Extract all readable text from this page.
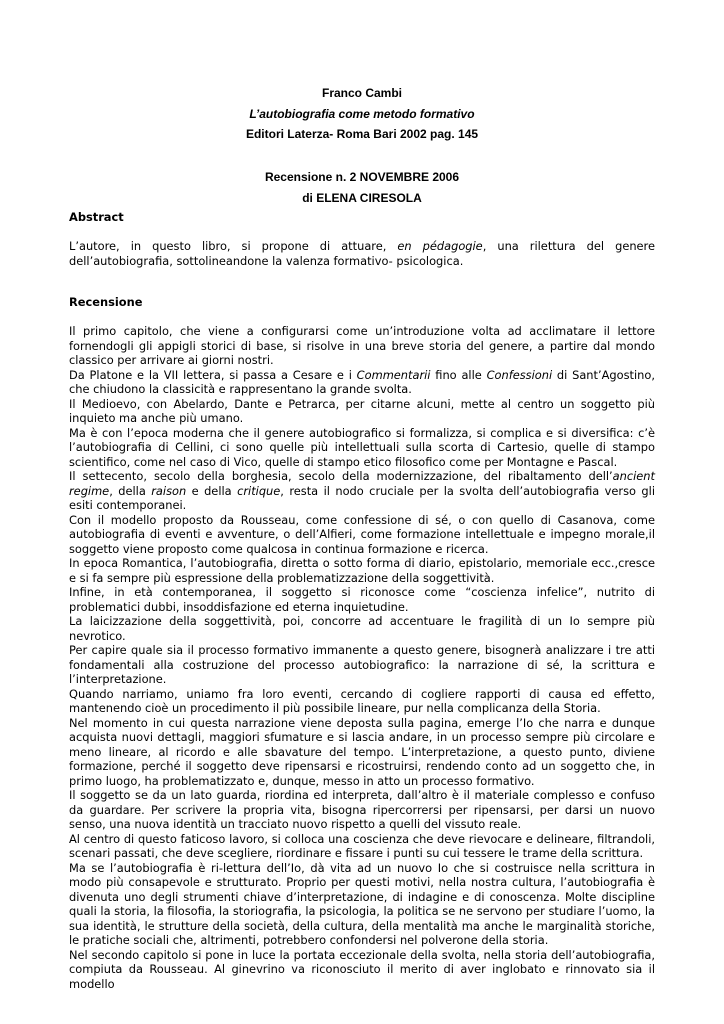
Franco Cambi
L’autobiografia come metodo formativo
Editori Laterza- Roma Bari 2002 pag. 145
Recensione n. 2 NOVEMBRE 2006
di ELENA CIRESOLA
Abstract

L’autore, in questo libro, si propone di attuare, en pédagogie, una rilettura del genere dell’autobiografia, sottolineandone la valenza formativo- psicologica.

Recensione

Il primo capitolo, che viene a configurarsi come un’introduzione volta ad acclimatare il lettore fornendogli gli appigli storici di base, si risolve in una breve storia del genere, a partire dal mondo classico per arrivare ai giorni nostri.

Da Platone e la VII lettera, si passa a Cesare e i Commentarii fino alle Confessioni di Sant’Agostino, che chiudono la classicità e rappresentano la grande svolta.

Il Medioevo, con Abelardo, Dante e Petrarca, per citarne alcuni, mette al centro un soggetto più inquieto ma anche più umano.

Ma è con l’epoca moderna che il genere autobiografico si formalizza, si complica e si diversifica: c’è l’autobiografia di Cellini, ci sono quelle più intellettuali sulla scorta di Cartesio, quelle di stampo scientifico, come nel caso di Vico, quelle di stampo etico filosofico come per Montagne e Pascal.

Il settecento, secolo della borghesia, secolo della modernizzazione, del ribaltamento dell’ancient regime, della raison e della critique, resta il nodo cruciale per la svolta dell’autobiografia verso gli esiti contemporanei.

Con il modello proposto da Rousseau, come confessione di sé, o con quello di Casanova, come autobiografia di eventi e avventure, o dell’Alfieri, come formazione intellettuale e impegno morale,il soggetto viene proposto come qualcosa in continua formazione e ricerca.

In epoca Romantica, l’autobiografia, diretta o sotto forma di diario, epistolario, memoriale ecc.,cresce e si fa sempre più espressione della problematizzazione della soggettività.

Infine, in età contemporanea, il soggetto si riconosce come “coscienza infelice”, nutrito di problematici dubbi, insoddisfazione ed eterna inquietudine.

La laicizzazione della soggettività, poi, concorre ad accentuare le fragilità di un Io sempre più nevrotico.

Per capire quale sia il processo formativo immanente a questo genere, bisognerà analizzare i tre atti fondamentali alla costruzione del processo autobiografico: la narrazione di sé, la scrittura e l’interpretazione.

Quando narriamo, uniamo fra loro eventi, cercando di cogliere rapporti di causa ed effetto, mantenendo cioè un procedimento il più possibile lineare, pur nella complicanza della Storia.

Nel momento in cui questa narrazione viene deposta sulla pagina, emerge l’Io che narra e dunque acquista nuovi dettagli, maggiori sfumature e si lascia andare, in un processo sempre più circolare e meno lineare, al ricordo e alle sbavature del tempo. L’interpretazione, a questo punto, diviene formazione, perché il soggetto deve ripensarsi e ricostruirsi, rendendo conto ad un soggetto che, in primo luogo, ha problematizzato e, dunque, messo in atto un processo formativo.

Il soggetto se da un lato guarda, riordina ed interpreta, dall’altro è il materiale complesso e confuso da guardare. Per scrivere la propria vita, bisogna ripercorrersi per ripensarsi, per darsi un nuovo senso, una nuova identità un tracciato nuovo rispetto a quelli del vissuto reale.

Al centro di questo faticoso lavoro, si colloca una coscienza che deve rievocare e delineare, filtrandoli, scenari passati, che deve scegliere, riordinare e fissare i punti su cui tessere le trame della scrittura.

Ma se l’autobiografia è ri-lettura dell’Io, dà vita ad un nuovo Io che si costruisce nella scrittura in modo più consapevole e strutturato. Proprio per questi motivi, nella nostra cultura, l’autobiografia è divenuta uno degli strumenti chiave d’interpretazione, di indagine e di conoscenza. Molte discipline quali la storia, la filosofia, la storiografia, la psicologia, la politica se ne servono per studiare l’uomo, la sua identità, le strutture della società, della cultura, della mentalità ma anche le marginalità storiche, le pratiche sociali che, altrimenti, potrebbero confondersi nel polverone della storia.

Nel secondo capitolo si pone in luce la portata eccezionale della svolta, nella storia dell’autobiografia, compiuta da Rousseau. Al ginevrino va riconosciuto il merito di aver inglobato e rinnovato sia il modello
